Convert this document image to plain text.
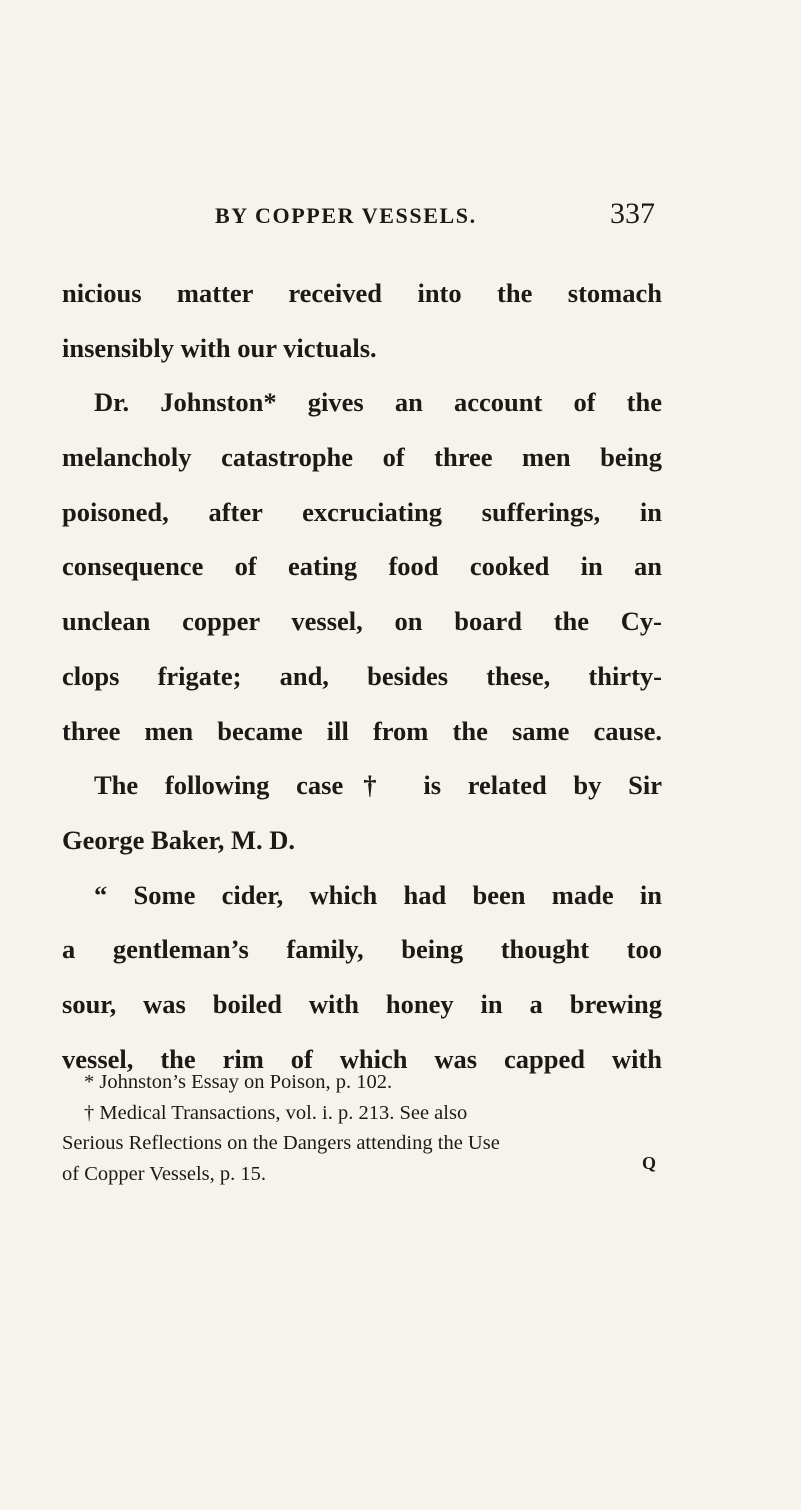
BY COPPER VESSELS.	337
nicious matter received into the stomach
insensibly with our victuals.
Dr. Johnston* gives an account of the
melancholy catastrophe of three men being
poisoned, after excruciating sufferings, in
consequence of eating food cooked in an
unclean copper vessel, on board the Cy-
clops frigate; and, besides these, thirty-
three men became ill from the same cause.
The following case† is related by Sir
George Baker, M. D.
“ Some cider, which had been made in
a gentleman’s family, being thought too
sour, was boiled with honey in a brewing
vessel, the rim of which was capped with
* Johnston’s Essay on Poison, p. 102.
† Medical Transactions, vol. i. p. 213. See also
Serious Reflections on the Dangers attending the Use
of Copper Vessels, p. 15.	Q
